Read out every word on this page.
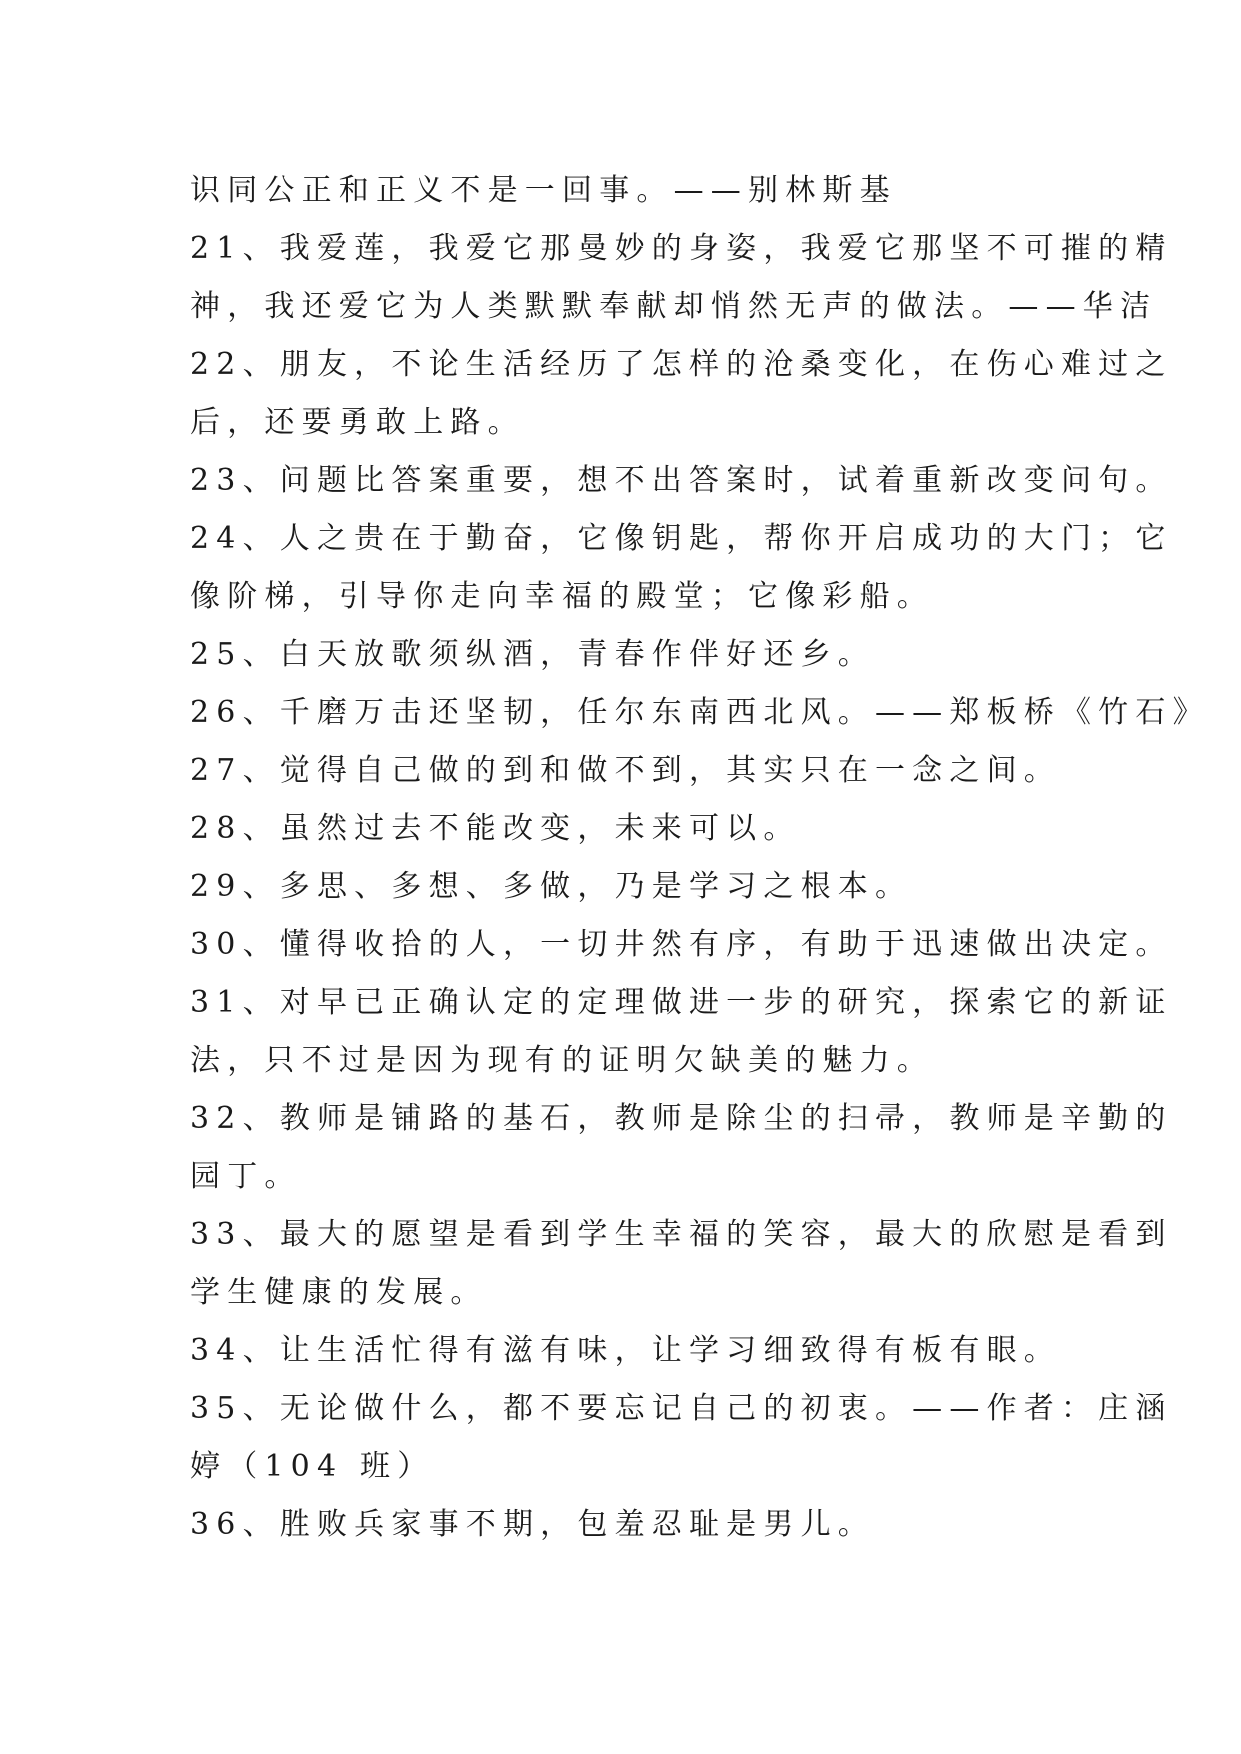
识同公正和正义不是一回事。——别林斯基
21、我爱莲，我爱它那曼妙的身姿，我爱它那坚不可摧的精
神，我还爱它为人类默默奉献却悄然无声的做法。——华洁
22、朋友，不论生活经历了怎样的沧桑变化，在伤心难过之
后，还要勇敢上路。
23、问题比答案重要，想不出答案时，试着重新改变问句。
24、人之贵在于勤奋，它像钥匙，帮你开启成功的大门；它
像阶梯，引导你走向幸福的殿堂；它像彩船。
25、白天放歌须纵酒，青春作伴好还乡。
26、千磨万击还坚韧，任尔东南西北风。——郑板桥《竹石》
27、觉得自己做的到和做不到，其实只在一念之间。
28、虽然过去不能改变，未来可以。
29、多思、多想、多做，乃是学习之根本。
30、懂得收拾的人，一切井然有序，有助于迅速做出决定。
31、对早已正确认定的定理做进一步的研究，探索它的新证
法，只不过是因为现有的证明欠缺美的魅力。
32、教师是铺路的基石，教师是除尘的扫帚，教师是辛勤的
园丁。
33、最大的愿望是看到学生幸福的笑容，最大的欣慰是看到
学生健康的发展。
34、让生活忙得有滋有味，让学习细致得有板有眼。
35、无论做什么，都不要忘记自己的初衷。——作者：庄涵
婷（104 班）
36、胜败兵家事不期，包羞忍耻是男儿。
